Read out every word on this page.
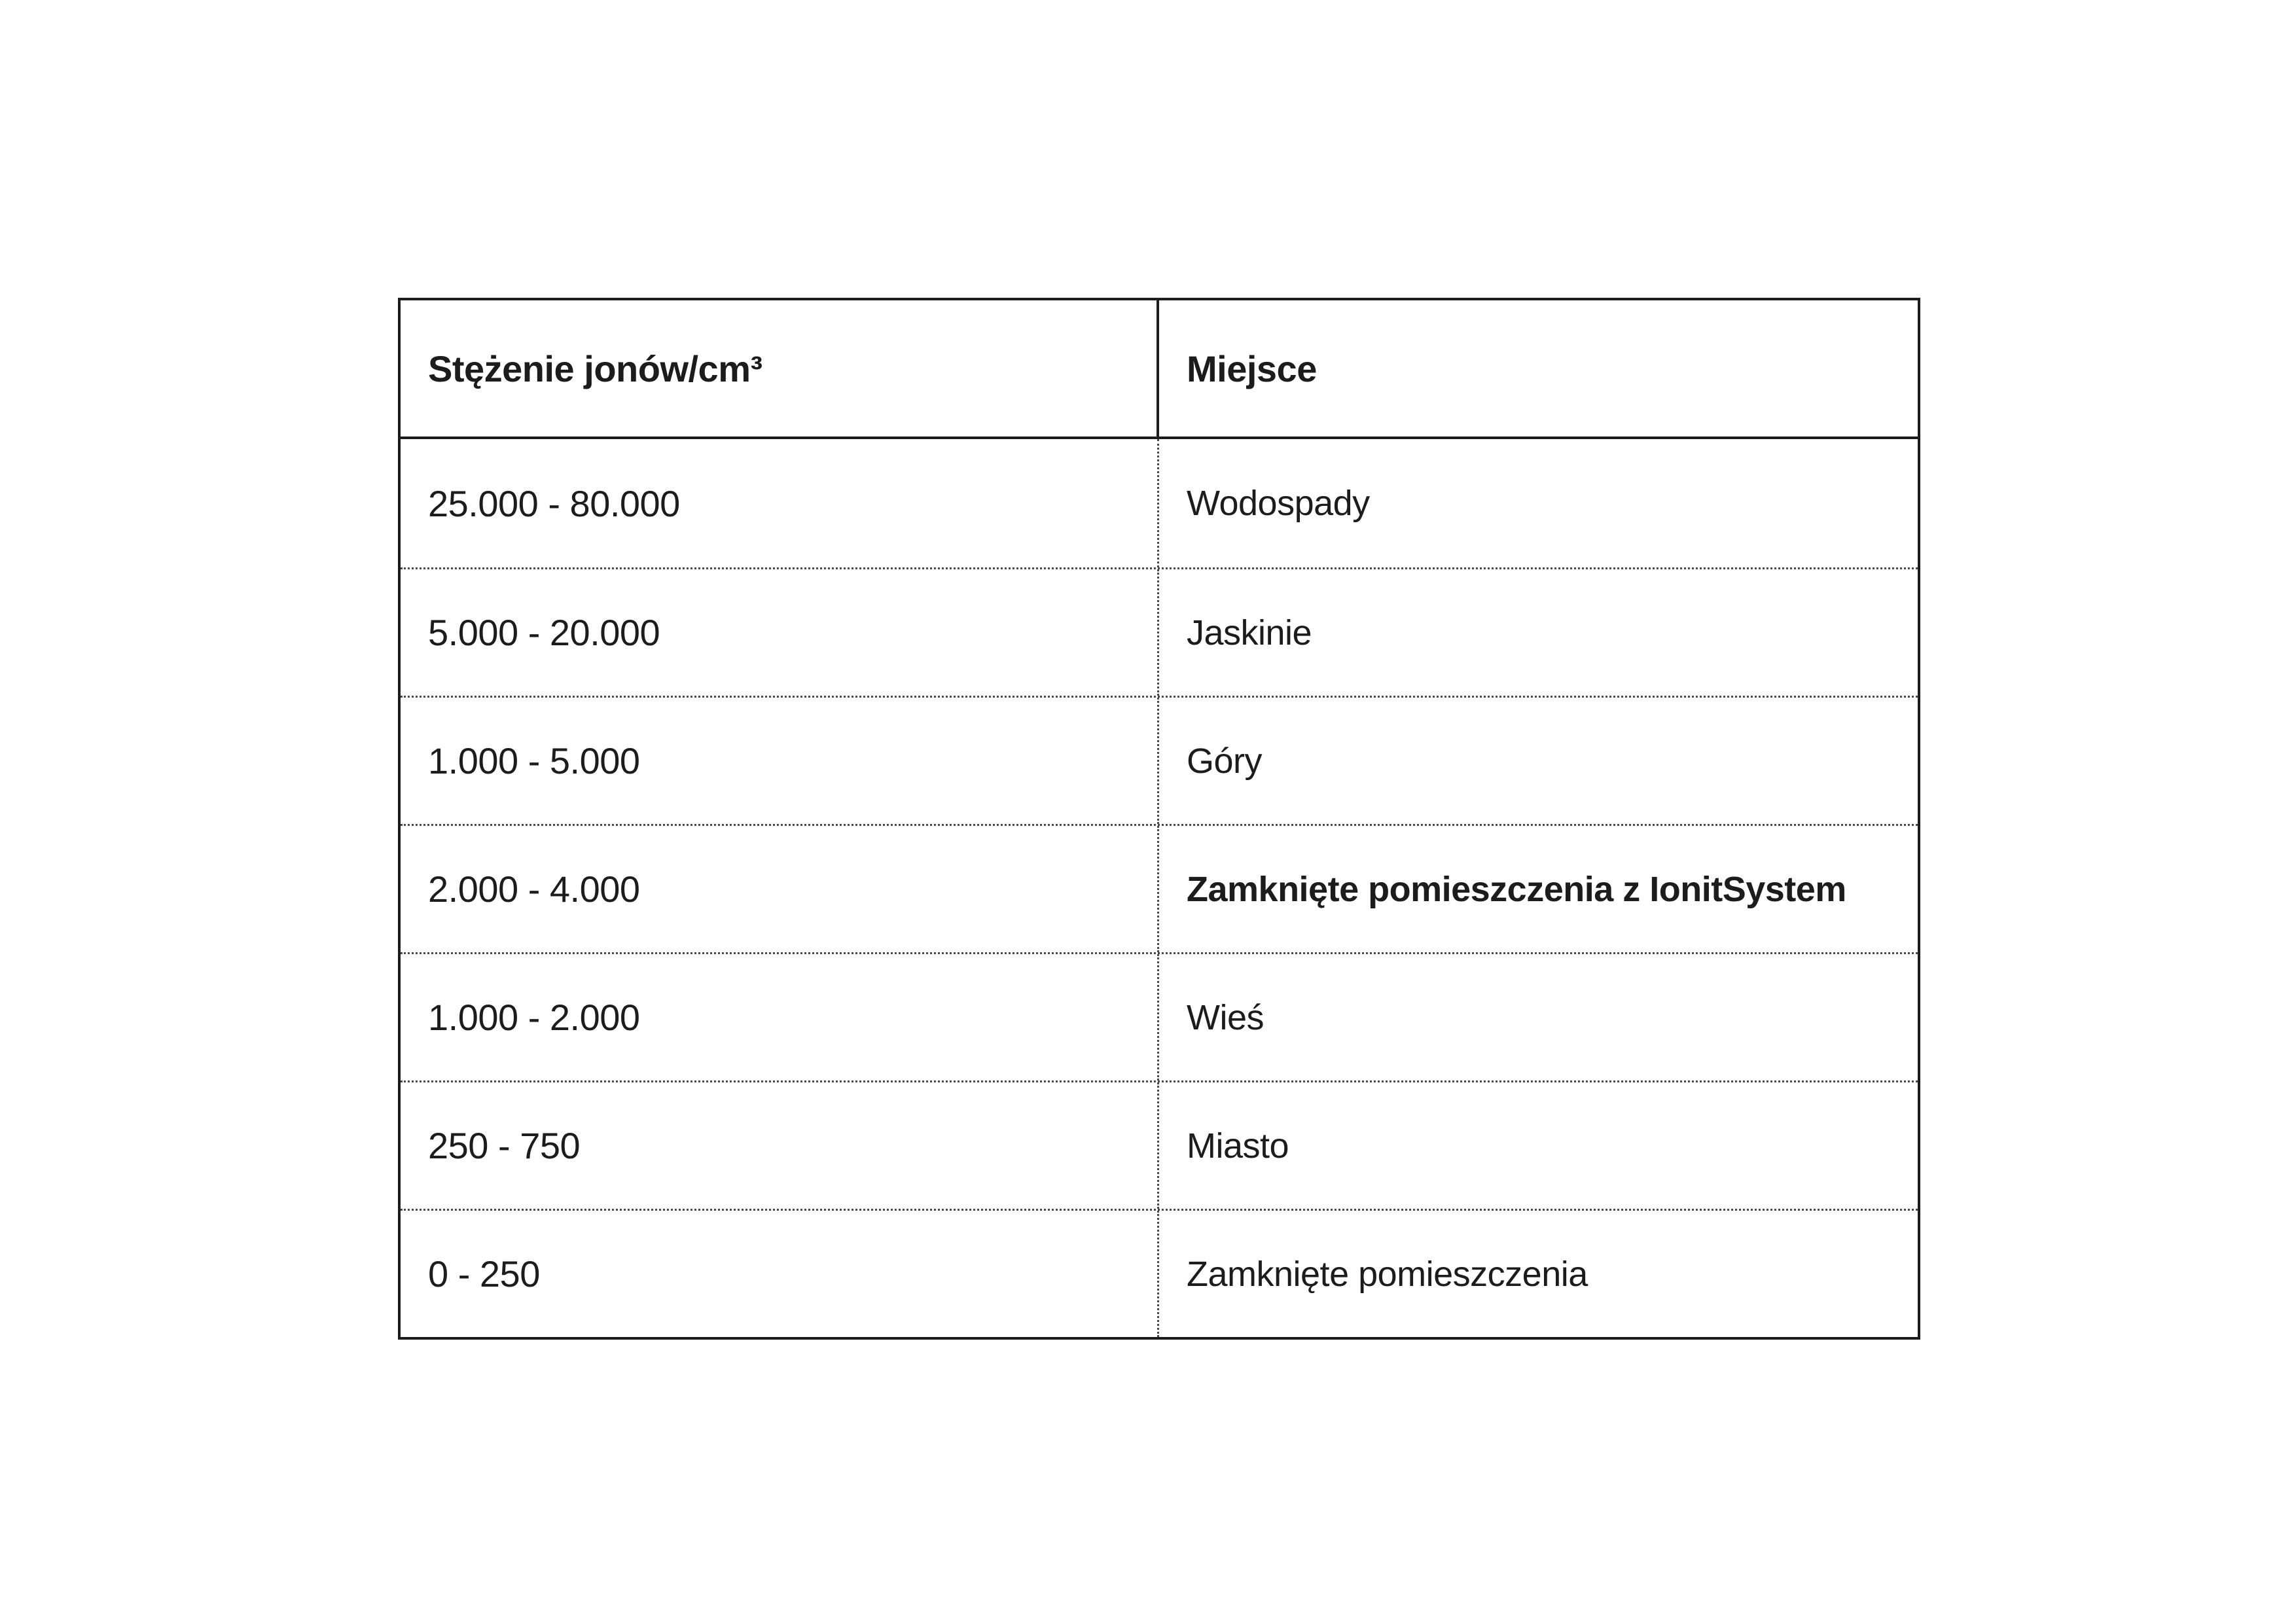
Stężenie jonów/cm³	Miejsce
25.000 - 80.000	Wodospady
5.000 - 20.000	Jaskinie
1.000 - 5.000	Góry
2.000 - 4.000	Zamknięte pomieszczenia z IonitSystem
1.000 - 2.000	Wieś
250 - 750	Miasto
0 - 250	Zamknięte pomieszczenia
